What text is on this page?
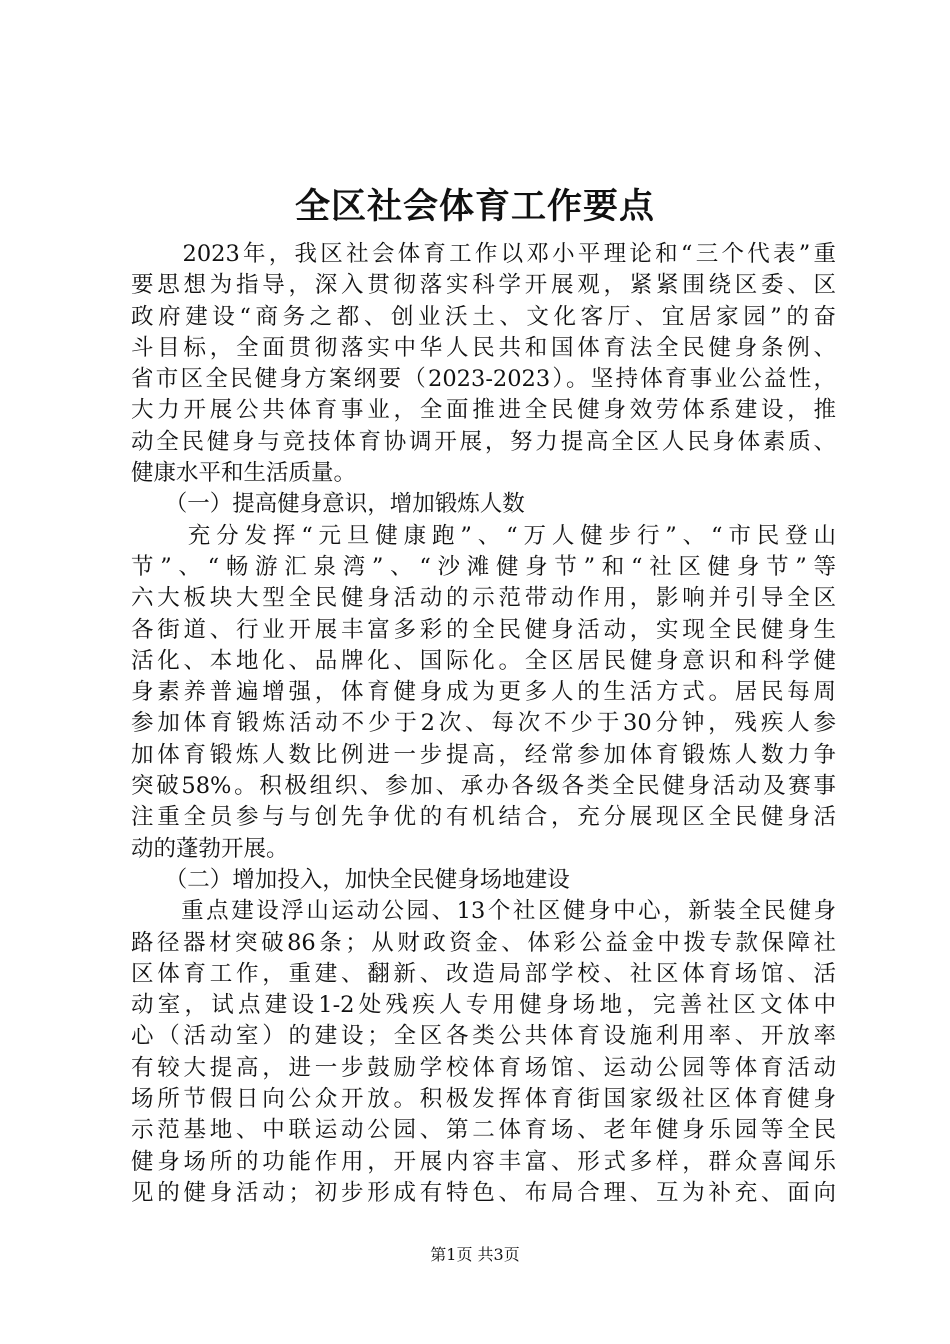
全区社会体育工作要点
　　2023年，我区社会体育工作以邓小平理论和“三个代表”重
要思想为指导，深入贯彻落实科学开展观，紧紧围绕区委、区
政府建设“商务之都、创业沃土、文化客厅、宜居家园”的奋
斗目标，全面贯彻落实中华人民共和国体育法全民健身条例、
省市区全民健身方案纲要（2023-2023）。坚持体育事业公益性，
大力开展公共体育事业，全面推进全民健身效劳体系建设，推
动全民健身与竞技体育协调开展，努力提高全区人民身体素质、
健康水平和生活质量。
　　（一）提高健身意识，增加锻炼人数
　　充分发挥“元旦健康跑”、“万人健步行”、“市民登山
节”、“畅游汇泉湾”、“沙滩健身节”和“社区健身节”等
六大板块大型全民健身活动的示范带动作用，影响并引导全区
各街道、行业开展丰富多彩的全民健身活动，实现全民健身生
活化、本地化、品牌化、国际化。全区居民健身意识和科学健
身素养普遍增强，体育健身成为更多人的生活方式。居民每周
参加体育锻炼活动不少于2次、每次不少于30分钟，残疾人参
加体育锻炼人数比例进一步提高，经常参加体育锻炼人数力争
突破58%。积极组织、参加、承办各级各类全民健身活动及赛事
注重全员参与与创先争优的有机结合，充分展现区全民健身活
动的蓬勃开展。
　　（二）增加投入，加快全民健身场地建设
　　重点建设浮山运动公园、13个社区健身中心，新装全民健身
路径器材突破86条；从财政资金、体彩公益金中拨专款保障社
区体育工作，重建、翻新、改造局部学校、社区体育场馆、活
动室，试点建设1-2处残疾人专用健身场地，完善社区文体中
心（活动室）的建设；全区各类公共体育设施利用率、开放率
有较大提高，进一步鼓励学校体育场馆、运动公园等体育活动
场所节假日向公众开放。积极发挥体育街国家级社区体育健身
示范基地、中联运动公园、第二体育场、老年健身乐园等全民
健身场所的功能作用，开展内容丰富、形式多样，群众喜闻乐
见的健身活动；初步形成有特色、布局合理、互为补充、面向
第1页 共3页
